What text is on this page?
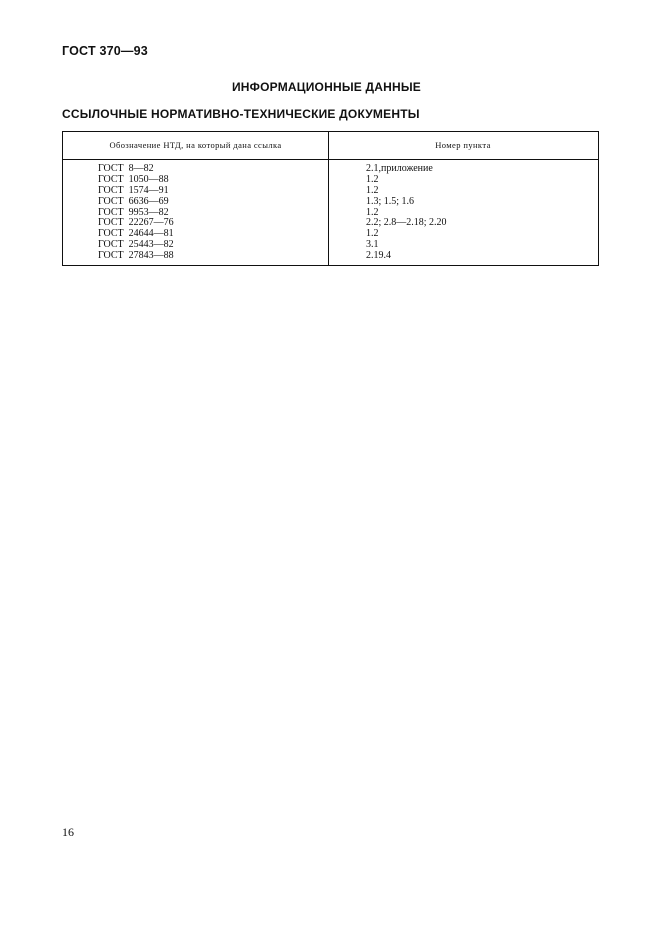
ГОСТ 370—93
ИНФОРМАЦИОННЫЕ ДАННЫЕ
ССЫЛОЧНЫЕ НОРМАТИВНО-ТЕХНИЧЕСКИЕ ДОКУМЕНТЫ
Обозначение НТД, на который дана ссылка	Номер пункта
ГОСТ  8—82	2.1,приложение
ГОСТ  1050—88	1.2
ГОСТ  1574—91	1.2
ГОСТ  6636—69	1.3; 1.5; 1.6
ГОСТ  9953—82	1.2
ГОСТ  22267—76	2.2; 2.8—2.18; 2.20
ГОСТ  24644—81	1.2
ГОСТ  25443—82	3.1
ГОСТ  27843—88	2.19.4
16
